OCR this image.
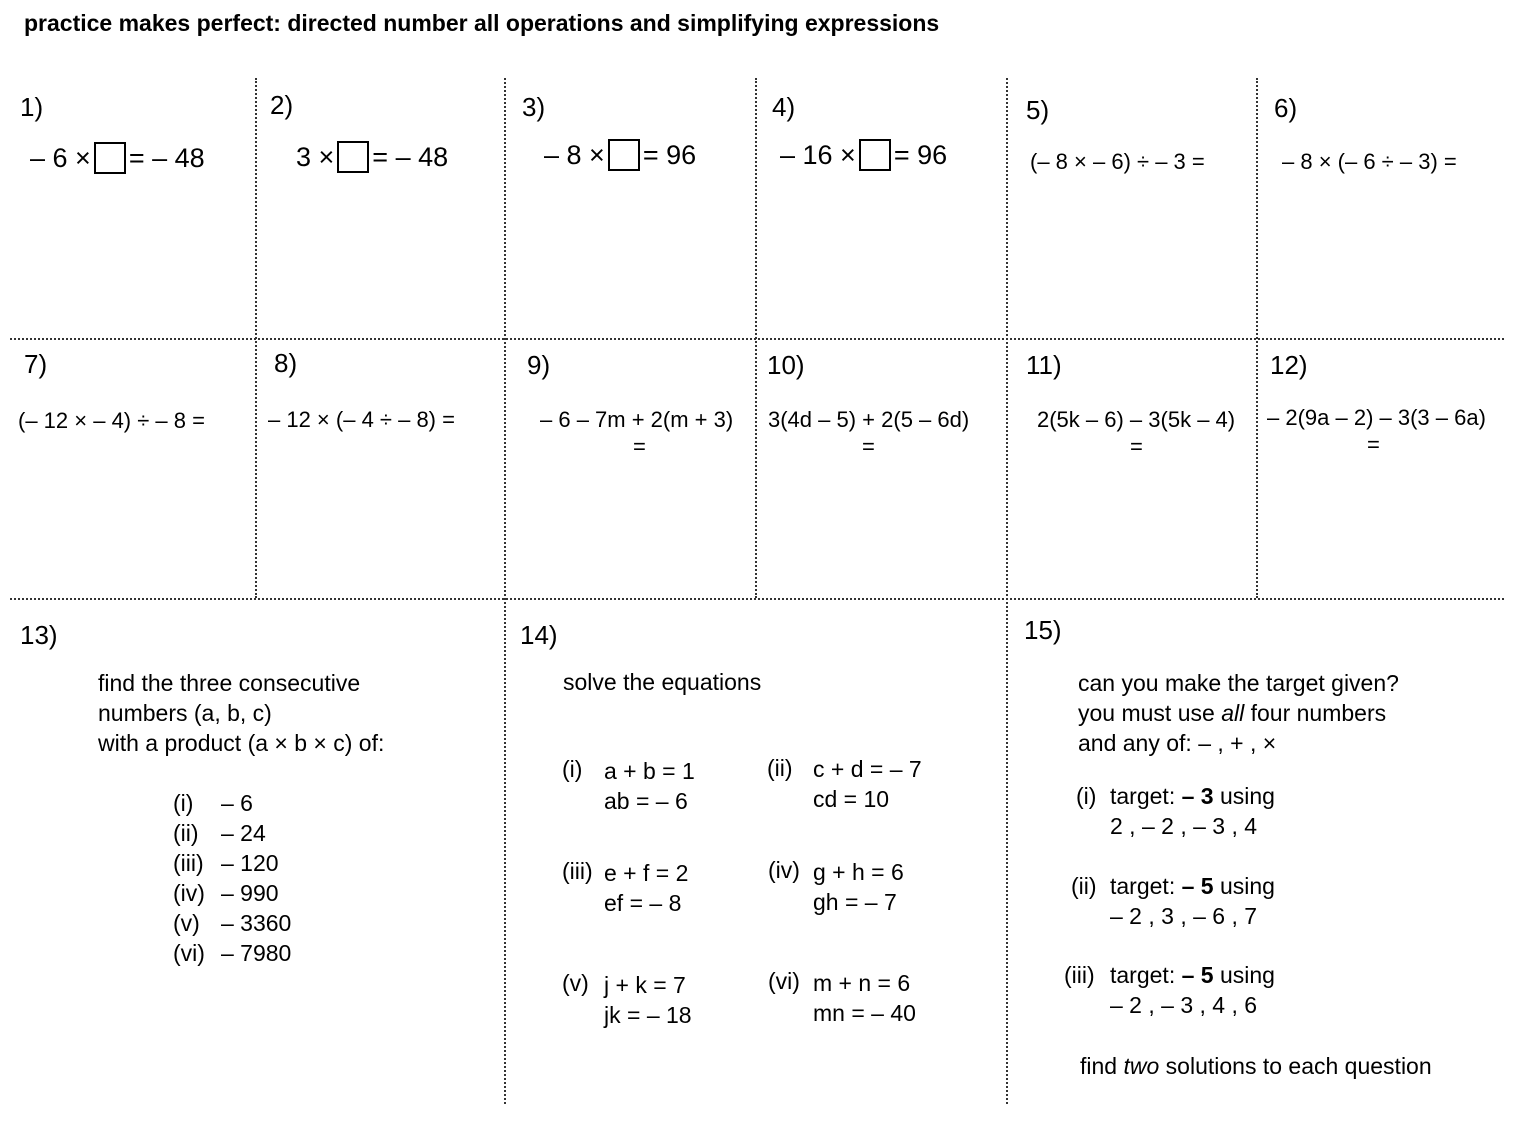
practice makes perfect: directed number all operations and simplifying expressions
1)
– 6 × = – 48
2)
3 × = – 48
3)
– 8 × = 96
4)
– 16 × = 96
5)
(– 8 × – 6) ÷ – 3 =
6)
– 8 × (– 6 ÷ – 3) =
7)
(– 12 × – 4) ÷ – 8 =
8)
– 12 × (– 4 ÷ – 8) =
9)
– 6 – 7m + 2(m + 3)
=
10)
3(4d – 5) + 2(5 – 6d)
=
11)
2(5k – 6) – 3(5k – 4)
=
12)
– 2(9a – 2) – 3(3 – 6a)
=
13)
find the three consecutive
numbers (a, b, c)
with a product (a × b × c) of:
(i) – 6
(ii) – 24
(iii) – 120
(iv) – 990
(v) – 3360
(vi) – 7980
14)
solve the equations
(i) a + b = 1
ab = – 6
(ii) c + d = – 7
cd = 10
(iii) e + f = 2
ef = – 8
(iv) g + h = 6
gh = – 7
(v) j + k = 7
jk = – 18
(vi) m + n = 6
mn = – 40
15)
can you make the target given?
you must use all four numbers
and any of: – , + , ×
(i) target: – 3 using
2 , – 2 , – 3 , 4
(ii) target: – 5 using
– 2 , 3 , – 6 , 7
(iii) target: – 5 using
– 2 , – 3 , 4 , 6
find two solutions to each question
